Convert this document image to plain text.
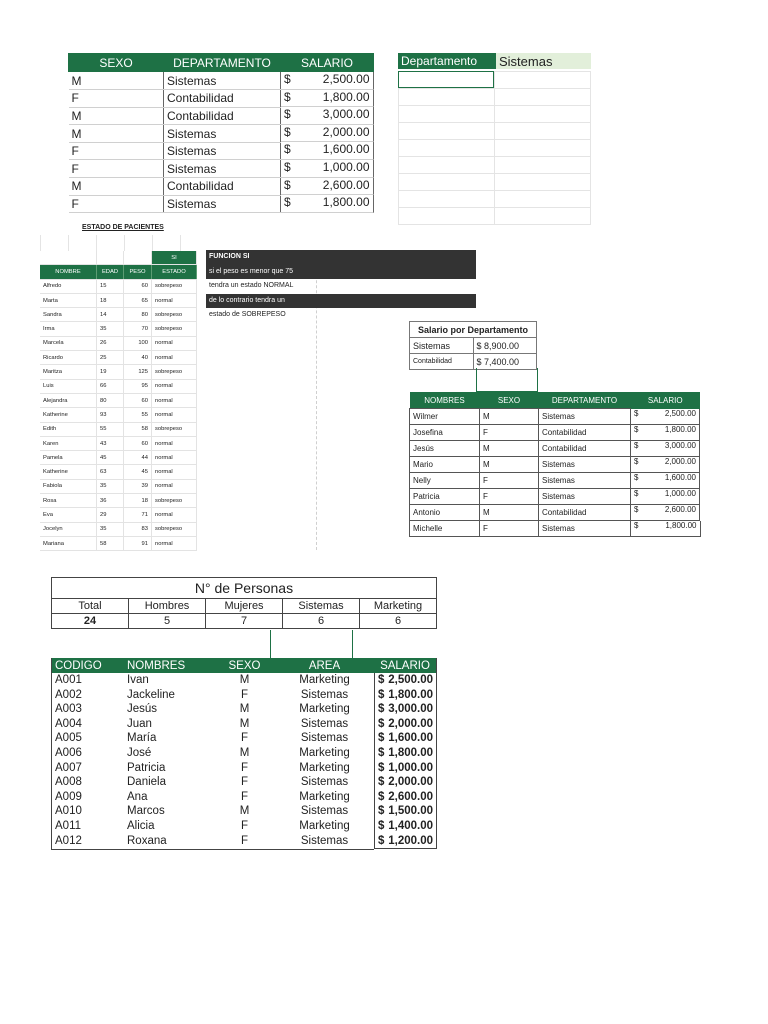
SEXO	DEPARTAMENTO	SALARIO
M	Sistemas		$	2,500.00

F	Contabilidad		$	1,800.00

M	Contabilidad		$	3,000.00

M	Sistemas		$	2,000.00

F	Sistemas		$	1,600.00

F	Sistemas		$	1,000.00

M	Contabilidad		$	2,600.00

F	Sistemas		$	1,800.00
Departamento	Sistemas
ESTADO DE PACIENTES
			SI
NOMBRE	EDAD	PESO	ESTADO
Alfredo	15	60	sobrepeso
Marta	18	65	normal
Sandra	14	80	sobrepeso
Irma	35	70	sobrepeso
Marcela	26	100	normal
Ricardo	25	40	normal
Maritza	19	125	sobrepeso
Luis	66	95	normal
Alejandra	80	60	normal
Katherine	93	55	normal
Edith	55	58	sobrepeso
Karen	43	60	normal
Pamela	45	44	normal
Katherine	63	45	normal
Fabiola	35	39	normal
Rosa	36	18	sobrepeso
Eva	29	71	normal
Jocelyn	35	83	sobrepeso
Mariana	58	91	normal
FUNCION SI
si el peso es menor que 75
tendra un estado NORMAL
de lo contrario tendra un
estado de SOBREPESO
Salario por Departamento	
Sistemas	$ 8,900.00
Contabilidad	$ 7,400.00
NOMBRES	SEXO	DEPARTAMENTO	SALARIO
Wilmer	M	Sistemas		$	2,500.00

Josefina	F	Contabilidad		$	1,800.00

Jesús	M	Contabilidad		$	3,000.00

Mario	M	Sistemas		$	2,000.00

Nelly	F	Sistemas		$	1,600.00

Patricia	F	Sistemas		$	1,000.00

Antonio	M	Contabilidad		$	2,600.00

Michelle	F	Sistemas		$	1,800.00
N° de Personas				
Total	Hombres	Mujeres	Sistemas	Marketing
24	5	7	6	6
CODIGO	NOMBRES	SEXO	AREA	SALARIO
A001	Ivan	M	Marketing	$ 2,500.00

A002	Jackeline	F	Sistemas		$ 1,800.00

A003	Jesús	M	Marketing	$ 3,000.00

A004	Juan	M	Sistemas		$ 2,000.00

A005	María	F	Sistemas		$ 1,600.00

A006	José	M	Marketing	$ 1,800.00

A007	Patricia	F	Marketing	$ 1,000.00

A008	Daniela	F	Sistemas		$ 2,000.00

A009	Ana	F	Marketing	$ 2,600.00

A010	Marcos	M	Sistemas		$ 1,500.00

A011	Alicia	F	Marketing	$ 1,400.00

A012	Roxana	F	Sistemas		$ 1,200.00
